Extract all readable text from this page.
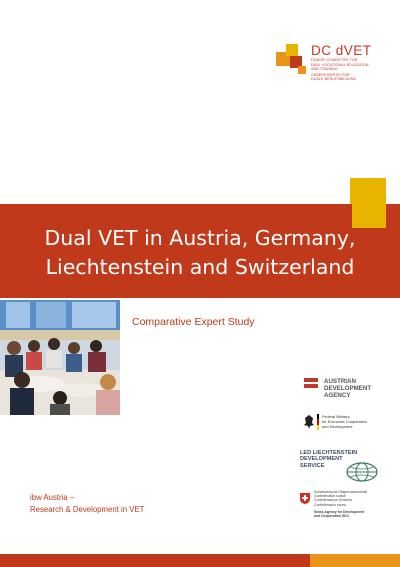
DC dVET
DONOR COMMITTEE FOR
DUAL VOCATIONAL EDUCATION
AND TRAINING
GEBERKOMITEE FÜR
DUALE BERUFSBILDUNG
Dual VET in Austria, Germany,
Liechtenstein and Switzerland
Comparative Expert Study
AUSTRIAN
DEVELOPMENT
AGENCY
Federal Ministry
for Economic Cooperation
and Development
LED LIECHTENSTEIN
DEVELOPMENT
SERVICE
Schweizerische Eidgenossenschaft
Confédération suisse
Confederazione Svizzera
Confederaziun svizra
Swiss Agency for Development
and Cooperation SDC
ibw Austria –
Research & Development in VET
